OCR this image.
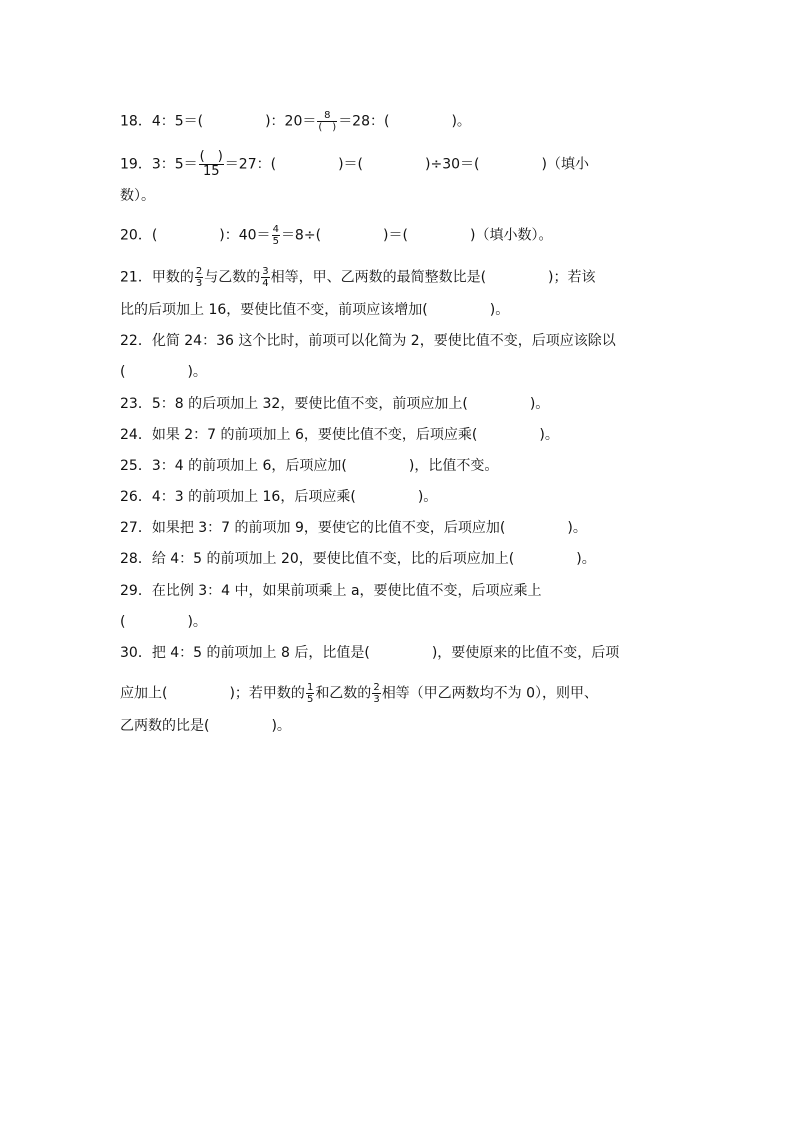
18．4：5＝(	)：$20= \frac{8}{( )} =28$：(	)。
19．3：$5= \frac{( )}{15} =27$：(	)＝(	)÷30＝(	)（填小
数）。
20．(	)：$40= \frac{4}{5} =8\div$(	)＝(	)（填小数）。
21．甲数的 $\frac{2}{3}$ 与乙数的 $\frac{3}{4}$ 相等，甲、乙两数的最简整数比是(	)；若该
比的后项加上 16，要使比值不变，前项应该增加(	)。
22．化简 24：36 这个比时，前项可以化简为 2，要使比值不变，后项应该除以
(	)。
23．5：8 的后项加上 32，要使比值不变，前项应加上(	)。
24．如果 2：7 的前项加上 6，要使比值不变，后项应乘(	)。
25．3：4 的前项加上 6，后项应加(	)，比值不变。
26．4：3 的前项加上 16，后项应乘(	)。
27．如果把 3：7 的前项加 9，要使它的比值不变，后项应加(	)。
28．给 4：5 的前项加上 20，要使比值不变，比的后项应加上(	)。
29．在比例 3：4 中，如果前项乘上 a，要使比值不变，后项应乘上
(	)。
30．把 4：5 的前项加上 8 后，比值是(	)，要使原来的比值不变，后项
应加上(	)；若甲数的 $\frac{1}{5}$ 和乙数的 $\frac{2}{3}$ 相等（甲乙两数均不为 0），则甲、
乙两数的比是(	)。
